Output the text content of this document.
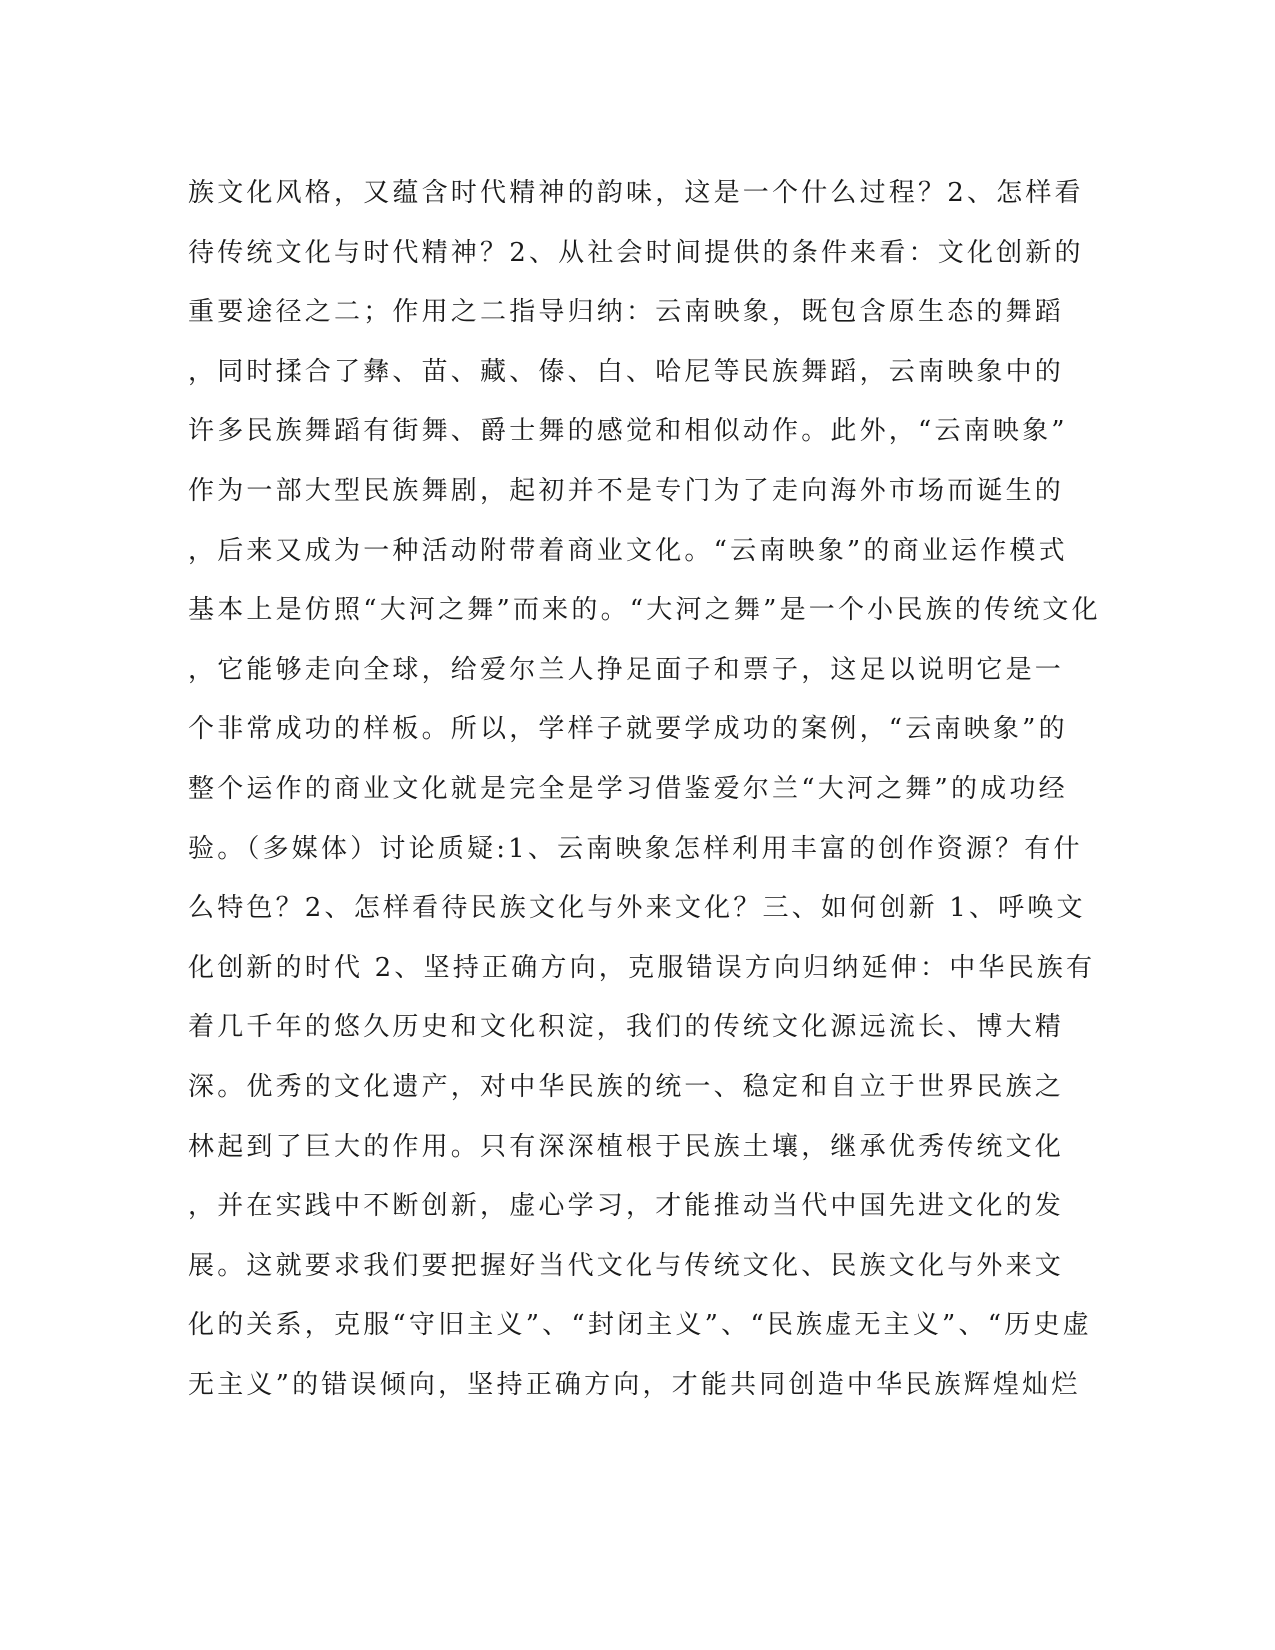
族文化风格，又蕴含时代精神的韵味，这是一个什么过程？2、怎样看
待传统文化与时代精神？2、从社会时间提供的条件来看：文化创新的
重要途径之二；作用之二指导归纳：云南映象，既包含原生态的舞蹈
，同时揉合了彝、苗、藏、傣、白、哈尼等民族舞蹈，云南映象中的
许多民族舞蹈有街舞、爵士舞的感觉和相似动作。此外，“云南映象”
作为一部大型民族舞剧，起初并不是专门为了走向海外市场而诞生的
，后来又成为一种活动附带着商业文化。“云南映象”的商业运作模式
基本上是仿照“大河之舞”而来的。“大河之舞”是一个小民族的传统文化
，它能够走向全球，给爱尔兰人挣足面子和票子，这足以说明它是一
个非常成功的样板。所以，学样子就要学成功的案例，“云南映象”的
整个运作的商业文化就是完全是学习借鉴爱尔兰“大河之舞”的成功经
验。（多媒体）讨论质疑:1、云南映象怎样利用丰富的创作资源？有什
么特色？2、怎样看待民族文化与外来文化？三、如何创新 1、呼唤文
化创新的时代 2、坚持正确方向，克服错误方向归纳延伸：中华民族有
着几千年的悠久历史和文化积淀，我们的传统文化源远流长、博大精
深。优秀的文化遗产，对中华民族的统一、稳定和自立于世界民族之
林起到了巨大的作用。只有深深植根于民族土壤，继承优秀传统文化
，并在实践中不断创新，虚心学习，才能推动当代中国先进文化的发
展。这就要求我们要把握好当代文化与传统文化、民族文化与外来文
化的关系，克服“守旧主义”、“封闭主义”、“民族虚无主义”、“历史虚
无主义”的错误倾向，坚持正确方向，才能共同创造中华民族辉煌灿烂
